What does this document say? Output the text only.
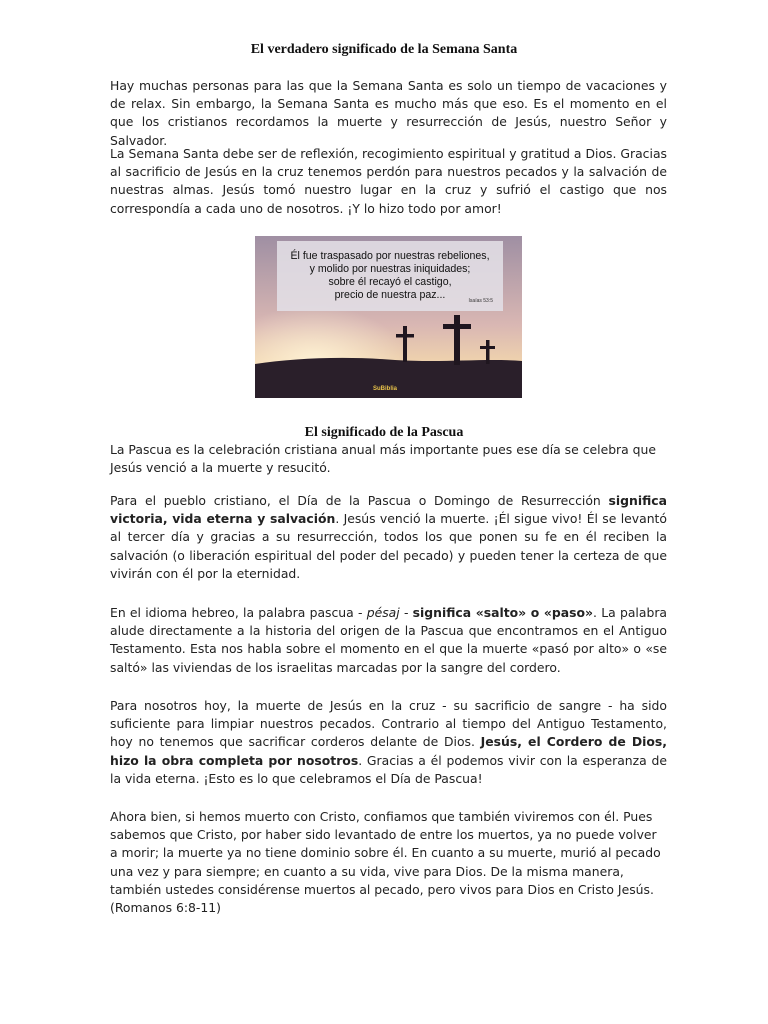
El verdadero significado de la Semana Santa

Hay muchas personas para las que la Semana Santa es solo un tiempo de vacaciones y de relax. Sin embargo, la Semana Santa es mucho más que eso. Es el momento en el que los cristianos recordamos la muerte y resurrección de Jesús, nuestro Señor y Salvador.

La Semana Santa debe ser de reflexión, recogimiento espiritual y gratitud a Dios. Gracias al sacrificio de Jesús en la cruz tenemos perdón para nuestros pecados y la salvación de nuestras almas. Jesús tomó nuestro lugar en la cruz y sufrió el castigo que nos correspondía a cada uno de nosotros. ¡Y lo hizo todo por amor!

Él fue traspasado por nuestras rebeliones,
y molido por nuestras iniquidades;
sobre él recayó el castigo,
precio de nuestra paz...	Isaías 53:5
SuBiblia
El significado de la Pascua

La Pascua es la celebración cristiana anual más importante pues ese día se celebra que Jesús venció a la muerte y resucitó.

Para el pueblo cristiano, el Día de la Pascua o Domingo de Resurrección significa victoria, vida eterna y salvación. Jesús venció la muerte. ¡Él sigue vivo! Él se levantó al tercer día y gracias a su resurrección, todos los que ponen su fe en él reciben la salvación (o liberación espiritual del poder del pecado) y pueden tener la certeza de que vivirán con él por la eternidad.

En el idioma hebreo, la palabra pascua - pésaj - significa «salto» o «paso». La palabra alude directamente a la historia del origen de la Pascua que encontramos en el Antiguo Testamento. Esta nos habla sobre el momento en el que la muerte «pasó por alto» o «se saltó» las viviendas de los israelitas marcadas por la sangre del cordero.

Para nosotros hoy, la muerte de Jesús en la cruz - su sacrificio de sangre - ha sido suficiente para limpiar nuestros pecados. Contrario al tiempo del Antiguo Testamento, hoy no tenemos que sacrificar corderos delante de Dios. Jesús, el Cordero de Dios, hizo la obra completa por nosotros. Gracias a él podemos vivir con la esperanza de la vida eterna. ¡Esto es lo que celebramos el Día de Pascua!

Ahora bien, si hemos muerto con Cristo, confiamos que también viviremos con él. Pues sabemos que Cristo, por haber sido levantado de entre los muertos, ya no puede volver a morir; la muerte ya no tiene dominio sobre él. En cuanto a su muerte, murió al pecado una vez y para siempre; en cuanto a su vida, vive para Dios. De la misma manera, también ustedes considérense muertos al pecado, pero vivos para Dios en Cristo Jesús. (Romanos 6:8-11)
